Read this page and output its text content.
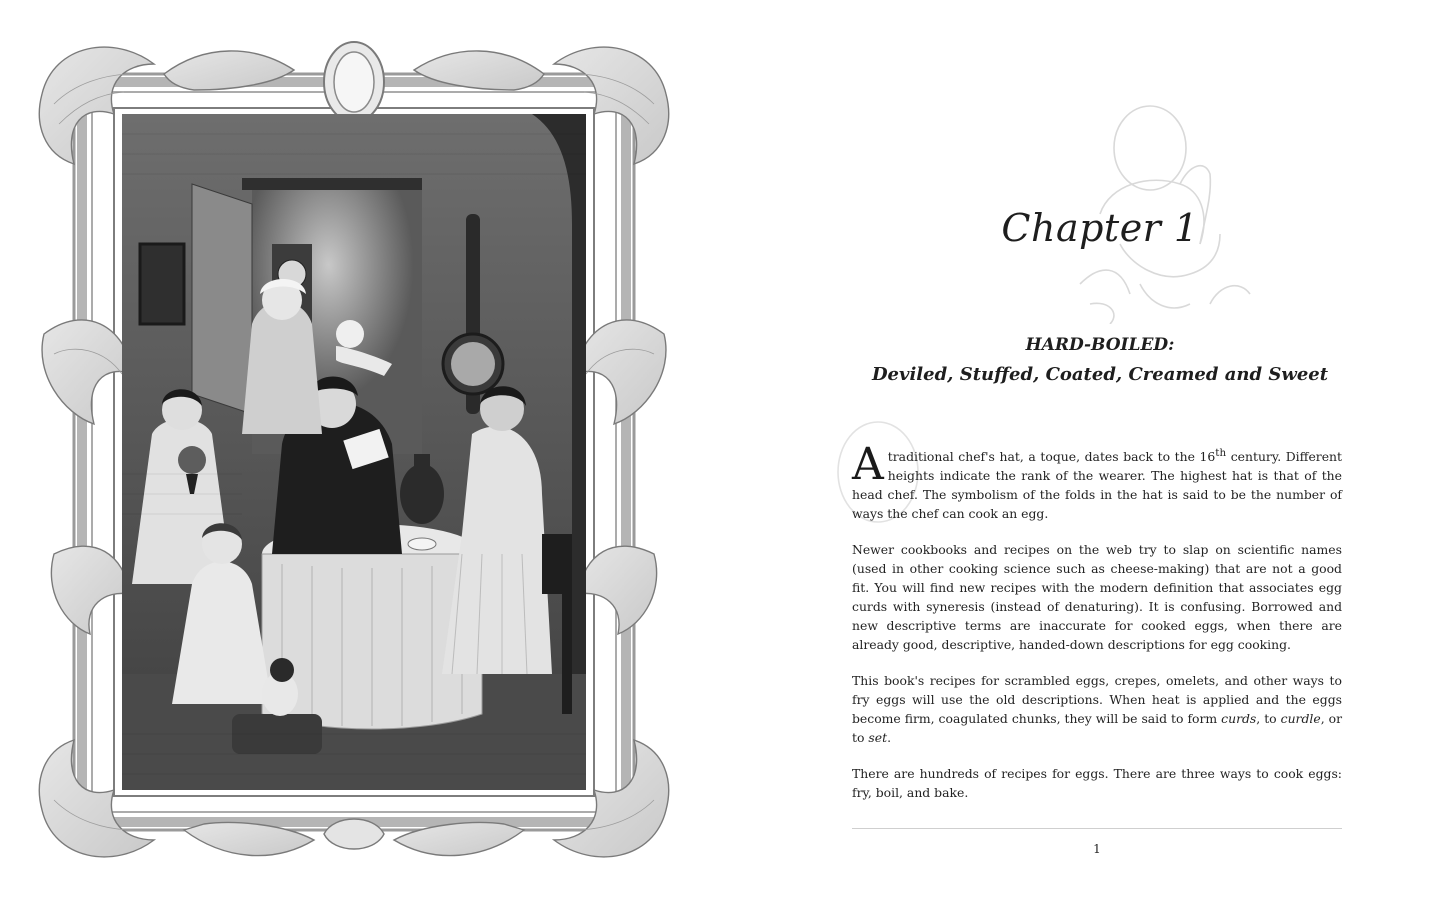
Chapter 1
HARD-BOILED:
Deviled, Stuffed, Coated, Creamed and Sweet

A traditional chef's hat, a toque, dates back to the 16th century. Different heights indicate the rank of the wearer. The highest hat is that of the head chef. The symbolism of the folds in the hat is said to be the number of ways the chef can cook an egg.

Newer cookbooks and recipes on the web try to slap on scientific names (used in other cooking science such as cheese-making) that are not a good fit. You will find new recipes with the modern definition that associates egg curds with syneresis (instead of denaturing). It is confusing. Borrowed and new descriptive terms are inaccurate for cooked eggs, when there are already good, descriptive, handed-down descriptions for egg cooking.

This book's recipes for scrambled eggs, crepes, omelets, and other ways to fry eggs will use the old descriptions. When heat is applied and the eggs become firm, coagulated chunks, they will be said to form curds, to curdle, or to set.

There are hundreds of recipes for eggs. There are three ways to cook eggs: fry, boil, and bake.

1
